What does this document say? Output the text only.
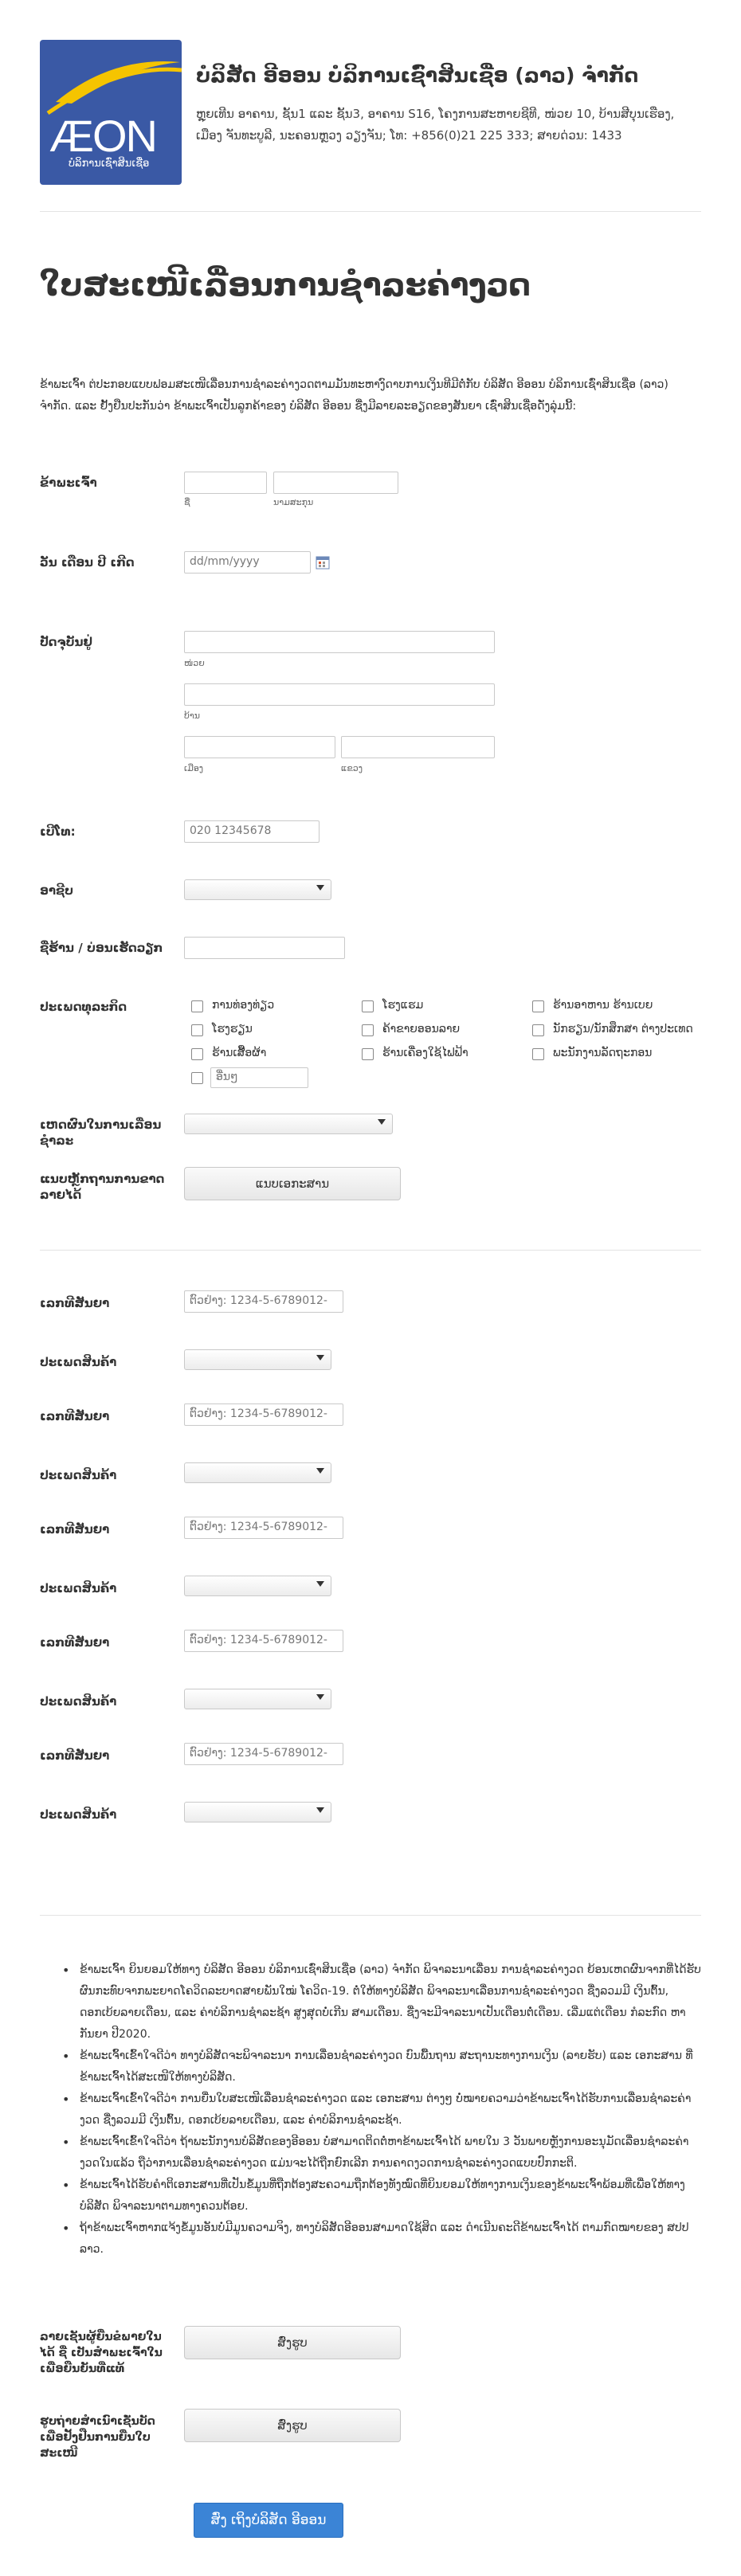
ÆON
ບໍລິການເຊົ່າສິນເຊື່ອ
ບໍລິສັດ ອີອອນ ບໍລິການເຊົ່າສິນເຊື່ອ (ລາວ) ຈຳກັດ
ຫຼຸຍເທີນ ອາຄານ, ຊັ້ນ1 ແລະ ຊັ້ນ3, ອາຄານ S16, ໂຄງການສະຫາຍຊີທີ, ໜ່ວຍ 10, ບ້ານສີບຸນເຮືອງ, ເມືອງ ຈັນທະບູລີ, ນະຄອນຫຼວງ ວຽງຈັນ; ໂທ: +856(0)21 225 333; ສາຍດ່ວນ: 1433
ໃບສະເໜີເລື່ອນການຊຳລະຄ່າງວດ
ຂ້າພະເຈົ້າ ຕ່ປະກອບແບບຟອມສະເໜີເລື່ອນການຊຳລະຄ່າງວດຕາມມັນທະຫາງົດາບການເງິນທີມີຕໍ່ກັບ ບໍລິສັດ ອີອອນ ບໍລິການເຊົ່າສິນເຊື່ອ (ລາວ) ຈຳກັດ. ແລະ ຢັ້ງຢືນປະກັນວ່າ ຂ້າພະເຈົ້າເປັນລູກຄ້າຂອງ ບໍລິສັດ ອີອອນ ຊື່ງມີລາຍລະອຽດຂອງສັນຍາ ເຊົ່າສິນເຊື່ອດັ່ງລຸ່ມນີ້:
ຂ້າພະເຈົ້າ
ຊື່	ນາມສະກຸນ
ວັນ ເດືອນ ປີ ເກີດ	dd/mm/yyyy
ປັດຈຸບັນຢູ່
ໜ່ວຍ
ບ້ານ
ເມືອງ	ແຂວງ
ເບີໂທ:	020 12345678
ອາຊີບ
ຊື່ຮ້ານ / ບ່ອນເຮັດວຽກ
ປະເພດທຸລະກິດ	ການທ່ອງທ່ຽວ	ໂຮງແຮມ	ຮ້ານອາຫານ ຮ້ານເບຍ
ໂຮງຮຽນ	ຄ້າຂາຍອອນລາຍ	ນັກຮຽນ/ນັກສຶກສາ ຕ່າງປະເທດ
ຮ້ານເສື້ອຜ້າ	ຮ້ານເຄື່ອງໃຊ້ໄຟຟ້າ	ພະນັກງານລັດຖະກອນ
ອື່ນໆ
ເຫດຜົນໃນການເລື່ອນຊຳລະ
ແນບຫຼັກຖານການຂາດລາຍໄດ້
ແນບເອກະສານ
ເລກທີສັນຍາ	ຕົວຢ່າງ: 1234-5-6789012-
ປະເພດສິນຄ້າ
ເລກທີສັນຍາ	ຕົວຢ່າງ: 1234-5-6789012-
ປະເພດສິນຄ້າ
ເລກທີສັນຍາ	ຕົວຢ່າງ: 1234-5-6789012-
ປະເພດສິນຄ້າ
ເລກທີສັນຍາ	ຕົວຢ່າງ: 1234-5-6789012-
ປະເພດສິນຄ້າ
ເລກທີສັນຍາ	ຕົວຢ່າງ: 1234-5-6789012-
ປະເພດສິນຄ້າ
• ຂ້າພະເຈົ້າ ຍິນຍອມໃຫ້ທາງ ບໍລິສັດ ອີອອນ ບໍລິການເຊົ່າສິນເຊື່ອ (ລາວ) ຈຳກັດ ພິຈາລະນາເລື່ອນ ການຊຳລະຄ່າງວດ ຍ້ອນເຫດຜົນຈາກທີ່ໄດ້ຮັບຜົນກະທົບຈາກພະຍາດໂຄວິດລະບາດສາຍພັນໃໝ່ ໂຄວິດ-19. ຕໍ່ໃຫ້ທາງບໍລິສັດ ພິຈາລະນາເລື່ອນການຊຳລະຄ່າງວດ ຊື່ງລວມມີ ເງິນຕົ້ນ, ດອກເບ້ຍລາຍເດືອນ, ແລະ ຄ່າບໍລິການຊຳລະຊ້າ ສູງສຸດບໍ່ເກີນ ສາມເດືອນ. ຊື່ງຈະມີຈາລະນາເປັນເດືອນຕໍ່ເດືອນ. ເລີ່ມແຕ່ເດືອນ ກໍລະກົດ ຫາ ກັນຍາ ປີ2020.
• ຂ້າພະເຈົ້າເຂົ້າໃຈດີວ່າ ທາງບໍລິສັດຈະພິຈາລະນາ ການເລື່ອນຊຳລະຄ່າງວດ ບົນພື້ນຖານ ສະຖານະທາງການເງິນ (ລາຍຮັບ) ແລະ ເອກະສານ ທີ່ຂ້າພະເຈົ້າໄດ້ສະເໜີໃຫ້ທາງບໍລິສັດ.
• ຂ້າພະເຈົ້າເຂົ້າໃຈດີວ່າ ການຍື່ນໃບສະເໜີເລື່ອນຊຳລະຄ່າງວດ ແລະ ເອກະສານ ຕ່າງໆ ບໍ່ໝາຍຄວາມວ່າຂ້າພະເຈົ້າໄດ້ຮັບການເລື່ອນຊຳລະຄ່າງວດ ຊື່ງລວມມີ ເງິນຕົ້ນ, ດອກເບ້ຍລາຍເດືອນ, ແລະ ຄ່າບໍລິການຊຳລະຊ້າ.
• ຂ້າພະເຈົ້າເຂົ້າໃຈດີວ່າ ຖ້າພະນັກງານບໍລິສັດຂອງອີອອນ ບໍ່ສາມາດຕິດຕໍ່ຫາຂ້າພະເຈົ້າໄດ້ ພາຍໃນ 3 ວັນພາຍຫຼັງການອະນຸມັດເລື່ອນຊຳລະຄ່າງວດໃນແລ້ວ ຖືວ່າການເລື່ອນຊຳລະຄ່າງວດ ແມ່ນຈະໄດ້ຖືກຍົກເລີກ ການຄາດງວດການຊຳລະຄ່າງວດແບບປົກກະຕິ.
• ຂ້າພະເຈົ້າໄດ້ຮັບຄຳຕິເອກະສານທີ່ເປັນຂໍ້ມູນທີ່ຖືກຕ້ອງສະຄວາມຖືກຕ້ອງທັງໝົດທີ່ຍິນຍອມໃຫ້ທາງການເງິນຂອງຂ້າພະເຈົ້າພ້ອມທີ່ເພື່ອໃຫ້ທາງບໍລິສັດ ພິຈາລະນາຕາມທາງຄວນຕ້ອຍ.
• ຖ້າຂ້າພະເຈົ້າຫາກແຈ້ງຂໍ້ມູນອັນບໍ່ມີມູນຄວາມຈິງ, ທາງບໍລິສັດອີອອນສາມາດໃຊ້ສິດ ແລະ ດຳເນີນຄະດີຂ້າພະເຈົ້າໄດ້ ຕາມກົດໝາຍຂອງ ສປປ ລາວ.
ລາຍເຊັນຜູ້ຍື່ນຂໍພາຍໃນໄດ້ ຊື່ ເປັນສຳພະເຈົ້າໃນເພື່ອຍືນຍັນທີ່ແທ້
ສົ່ງຮູບ
ຮູບຖ່າຍສຳເນົາເຊັ່ນບັດເພື່ອຢັ້ງຢືນການຍື່ນໃບສະເໜີ
ສົ່ງຮູບ
ສົ່ງ ເຖິງບໍລິສັດ ອີອອນ
